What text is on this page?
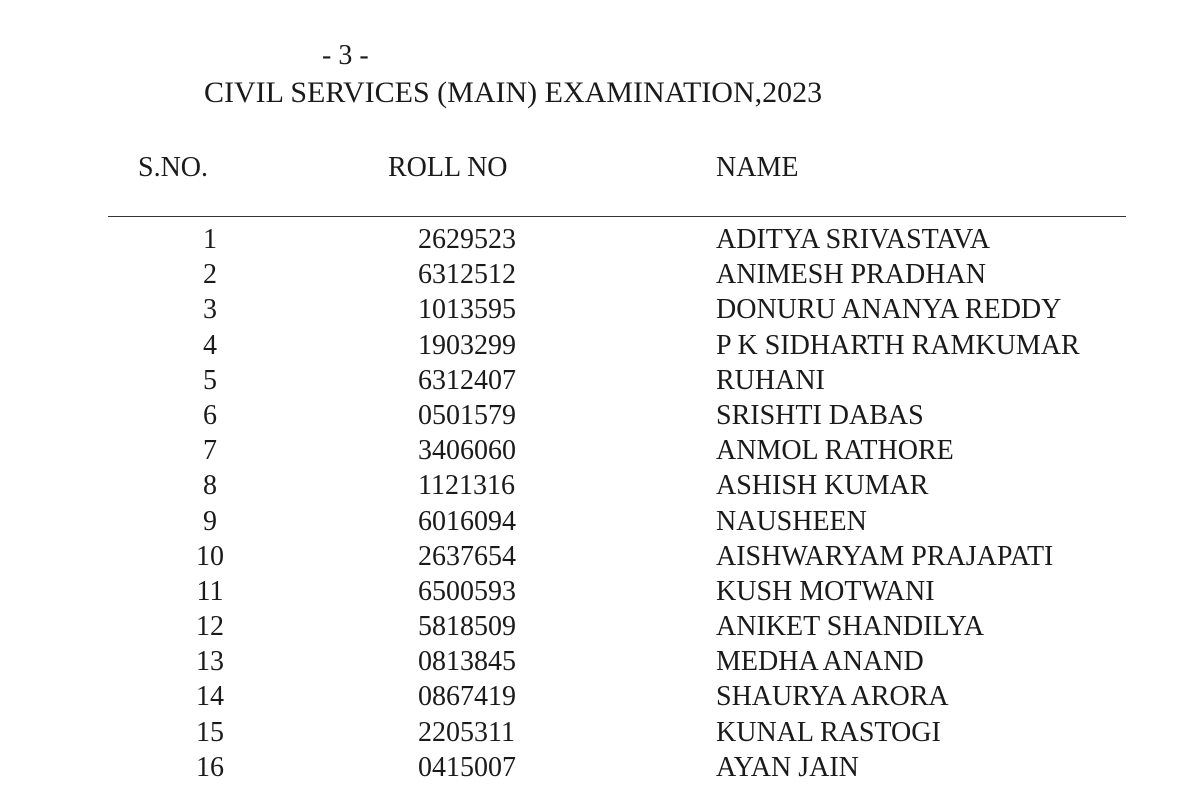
- 3 -
CIVIL SERVICES (MAIN) EXAMINATION,2023
S.NO.	ROLL NO	NAME
1	2629523	ADITYA SRIVASTAVA
2	6312512	ANIMESH PRADHAN
3	1013595	DONURU ANANYA REDDY
4	1903299	P K SIDHARTH RAMKUMAR
5	6312407	RUHANI
6	0501579	SRISHTI DABAS
7	3406060	ANMOL RATHORE
8	1121316	ASHISH KUMAR
9	6016094	NAUSHEEN
10	2637654	AISHWARYAM PRAJAPATI
11	6500593	KUSH MOTWANI
12	5818509	ANIKET SHANDILYA
13	0813845	MEDHA ANAND
14	0867419	SHAURYA ARORA
15	2205311	KUNAL RASTOGI
16	0415007	AYAN JAIN
